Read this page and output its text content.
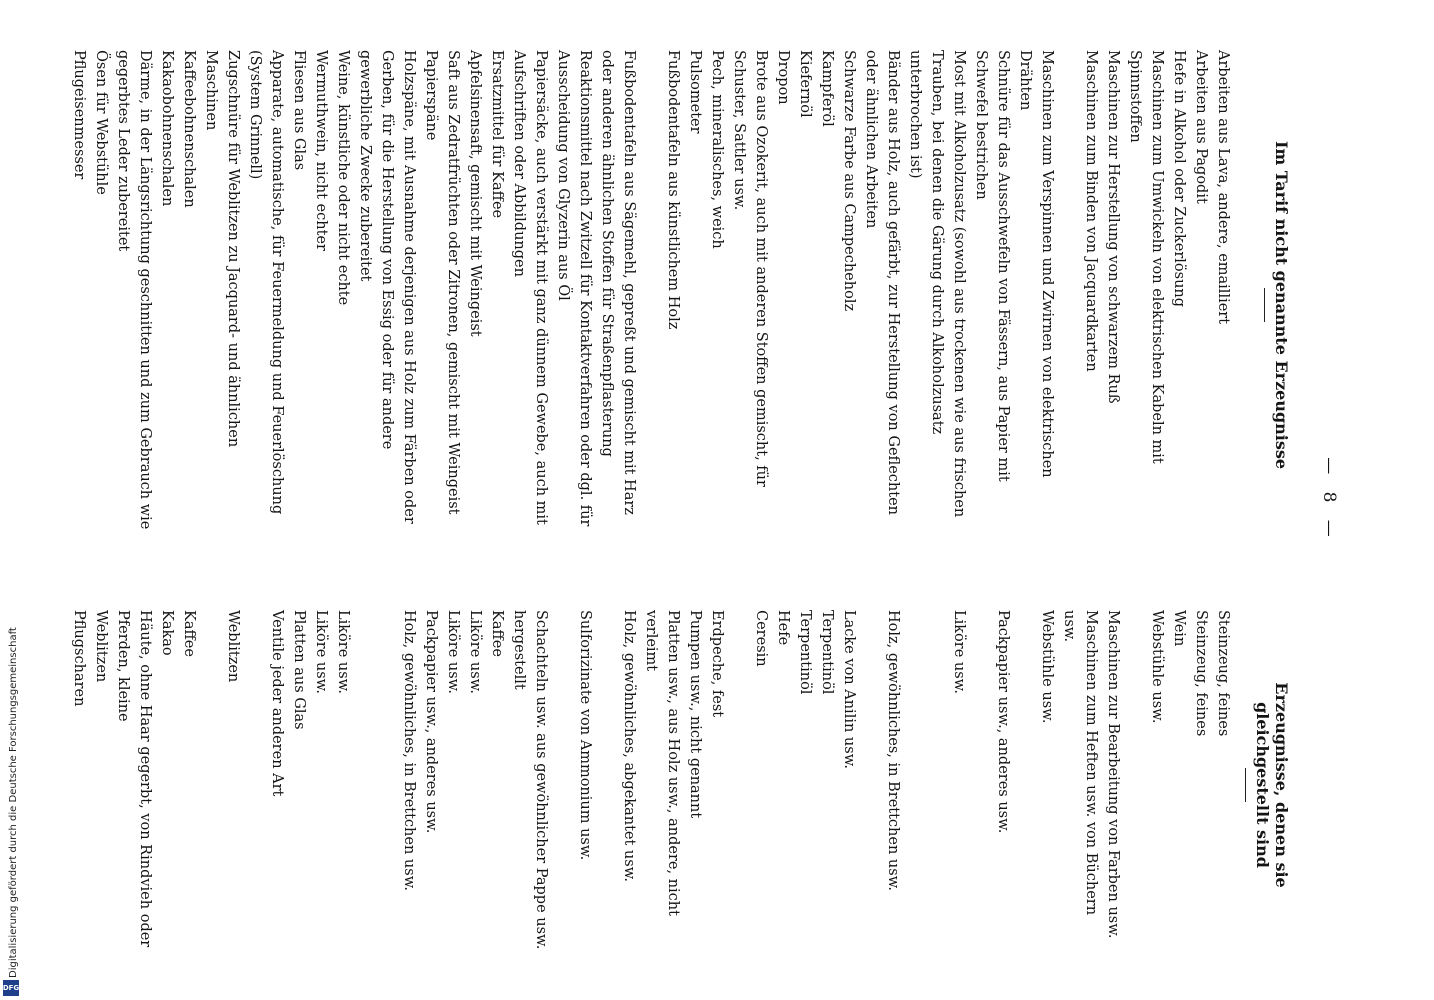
Digitalisierung gefördert durch die Deutsche Forschungsgemeinschaft
DFG
— 8 —
Im Tarif nicht genannte Erzeugnisse
Erzeugnisse, denen sie gleichgestellt sind
Arbeiten aus Lava, andere, emailliert
Steinzeug, feines
Arbeiten aus Pagodit
Steinzeug, feines
Hefe in Alkohol oder Zuckerlösung
Wein
Maschinen zum Umwickeln von elektrischen Kabeln mit Spinnstoffen
Webstühle usw.
Maschinen zur Herstellung von schwarzem Ruß
Maschinen zur Bearbeitung von Farben usw.
Maschinen zum Binden von Jacquardkarten
Maschinen zum Heften usw. von Büchern usw.
Maschinen zum Verspinnen und Zwirnen von elektrischen Drähten
Webstühle usw.
Schnüre für das Ausschwefeln von Fässern, aus Papier mit Schwefel bestrichen
Packpapier usw., anderes usw.
Most mit Alkoholzusatz (sowohl aus trockenen wie aus frischen Trauben, bei denen die Gärung durch Alkoholzusatz unterbrochen ist)
Liköre usw.
Bänder aus Holz, auch gefärbt, zur Herstellung von Geflechten oder ähnlichen Arbeiten
Holz, gewöhnliches, in Brettchen usw.
Schwarze Farbe aus Campecheholz
Lacke von Anilin usw.
Kampferöl
Terpentinöl
Kiefernöl
Terpentinöl
Dropon
Hefe
Brote aus Ozokerit, auch mit anderen Stoffen gemischt, für Schuster, Sattler usw.
Ceresin
Pech, mineralisches, weich
Erdpeche, fest
Pulsometer
Pumpen usw., nicht genannt
Fußbodentafeln aus künstlichem Holz
Platten usw., aus Holz usw., andere, nicht verleimt
Fußbodentafeln aus Sägemehl, gepreßt und gemischt mit Harz oder anderen ähnlichen Stoffen für Straßenpflasterung
Holz, gewöhnliches, abgekantet usw.
Reaktionsmittel nach Zwitzell für Kontaktverfahren oder dgl. für Ausscheidung von Glyzerin aus Öl
Sulforizinate von Ammonium usw.
Papiersäcke, auch verstärkt mit ganz dünnem Gewebe, auch mit Aufschriften oder Abbildungen
Schachteln usw. aus gewöhnlicher Pappe usw. hergestellt
Ersatzmittel für Kaffee
Kaffee
Apfelsinensaft, gemischt mit Weingeist
Liköre usw.
Saft aus Zedratfrüchten oder Zitronen, gemischt mit Weingeist
Liköre usw.
Papierspäne
Packpapier usw., anderes usw.
Holzspäne, mit Ausnahme derjenigen aus Holz zum Färben oder Gerben, für die Herstellung von Essig oder für andere gewerbliche Zwecke zubereitet
Holz, gewöhnliches, in Brettchen usw.
Weine, künstliche oder nicht echte
Liköre usw.
Wermuthwein, nicht echter
Liköre usw.
Fliesen aus Glas
Platten aus Glas
Apparate, automatische, für Feuermeldung und Feuerlöschung (System Grinnell)
Ventile jeder anderen Art
Zugschnüre für Weblitzen zu Jacquard- und ähnlichen Maschinen
Weblitzen
Kaffeebohnenschalen
Kaffee
Kakaobohnenschalen
Kakao
Därme, in der Längsrichtung geschnitten und zum Gebrauch wie gegerbtes Leder zubereitet
Häute, ohne Haar gegerbt, von Rindvieh oder Pferden, kleine
Ösen für Webstühle
Weblitzen
Pflugeisenmesser
Pflugscharen
